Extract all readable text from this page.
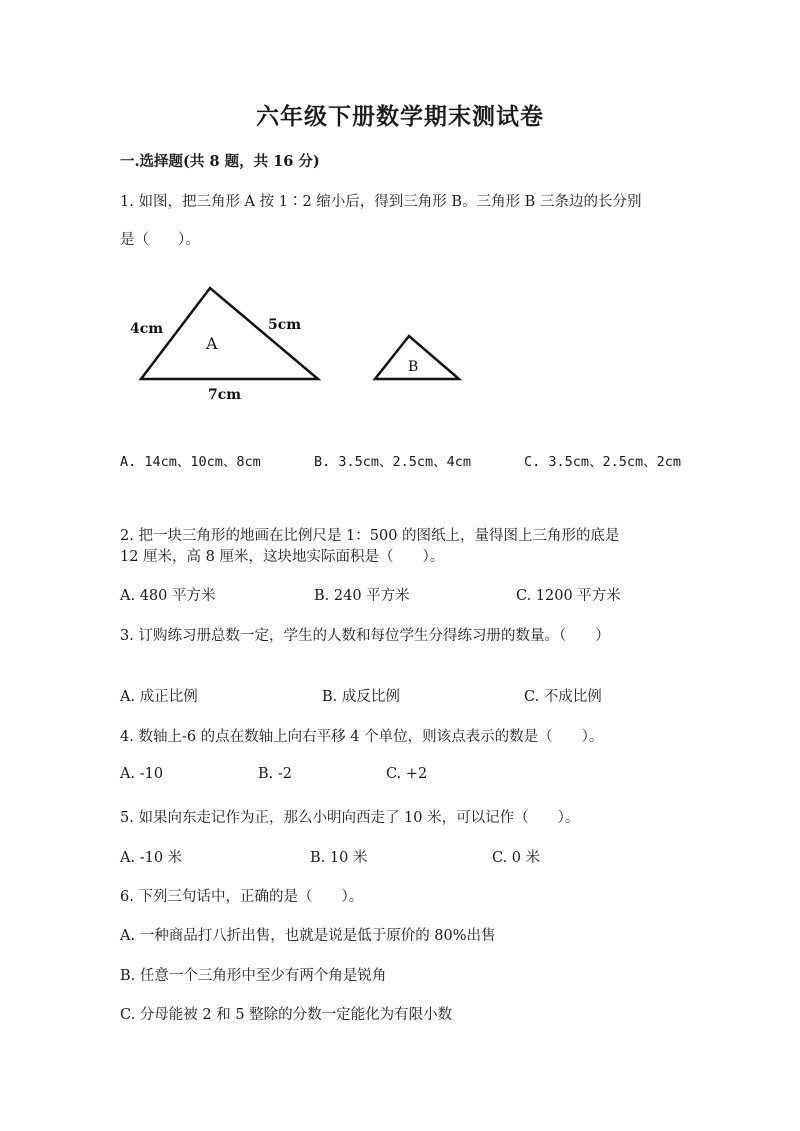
六年级下册数学期末测试卷
一.选择题(共 8 题，共 16 分)
1. 如图，把三角形 A 按 1∶2 缩小后，得到三角形 B。三角形 B 三条边的长分别
是（　　）。
A
B
4cm	5cm
7cm
A. 14cm、10cm、8cm	B. 3.5cm、2.5cm、4cm	C. 3.5cm、2.5cm、2cm
2. 把一块三角形的地画在比例尺是 1：500 的图纸上，量得图上三角形的底是
12 厘米，高 8 厘米，这块地实际面积是（　　）。
A. 480 平方米	B. 240 平方米	C. 1200 平方米
3. 订购练习册总数一定，学生的人数和每位学生分得练习册的数量。（　　）
A. 成正比例	B. 成反比例	C. 不成比例
4. 数轴上-6 的点在数轴上向右平移 4 个单位，则该点表示的数是（　　）。
A. -10	B. -2	C. +2
5. 如果向东走记作为正，那么小明向西走了 10 米，可以记作（　　）。
A. -10 米	B. 10 米	C. 0 米
6. 下列三句话中，正确的是（　　）。
A. 一种商品打八折出售，也就是说是低于原价的 80%出售
B. 任意一个三角形中至少有两个角是锐角
C. 分母能被 2 和 5 整除的分数一定能化为有限小数
